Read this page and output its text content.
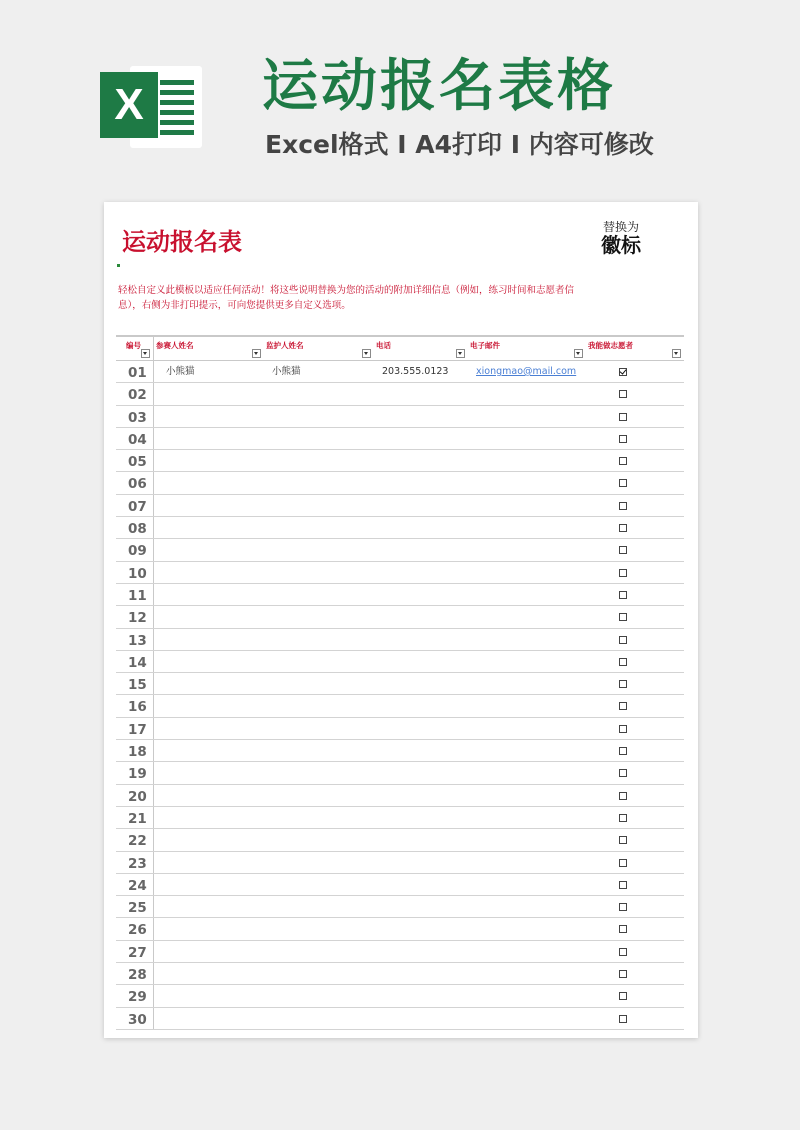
X 运动报名表格
Excel格式 I A4打印 I 内容可修改
运动报名表
替换为
徽标
轻松自定义此模板以适应任何活动！将这些说明替换为您的活动的附加详细信息（例如，练习时间和志愿者信息），右侧为非打印提示，可向您提供更多自定义选项。
编号	参赛人姓名	监护人姓名	电话	电子邮件	我能做志愿者
01	小熊猫	小熊猫	203.555.0123	xiongmao@mail.com
02
03
04
05
06
07
08
09
10
11
12
13
14
15
16
17
18
19
20
21
22
23
24
25
26
27
28
29
30
